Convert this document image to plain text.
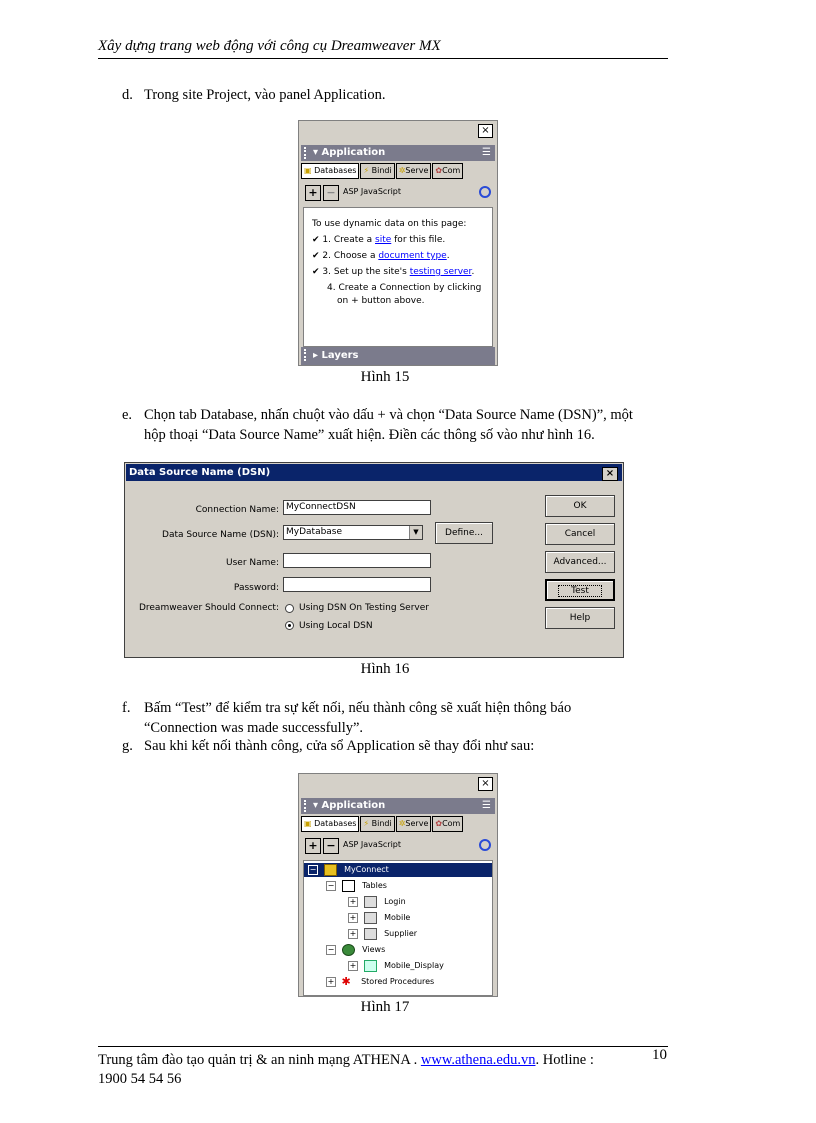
Xây dựng trang web động với công cụ Dreamweaver MX
d. Trong site Project, vào panel Application.
×
▾ Application	☰
▣ Databases ⚡ Bindi ✲Serve ✿Com
+ − ASP JavaScript
To use dynamic data on this page:
✔ 1. Create a site for this file.
✔ 2. Choose a document type.
✔ 3. Set up the site's testing server.
4. Create a Connection by clicking
on + button above.
▸ Layers
Hình 15
e. Chọn tab Database, nhấn chuột vào dấu + và chọn “Data Source Name (DSN)”, một
hộp thoại “Data Source Name” xuất hiện. Điền các thông số vào như hình 16.
Data Source Name (DSN)	×
Connection Name: MyConnectDSN
Data Source Name (DSN): MyDatabase	▼	Define...
User Name:
Password:
Dreamweaver Should Connect: Using DSN On Testing Server
Using Local DSN
OK
Cancel
Advanced...
Test
Help
Hình 16
f. Bấm “Test” để kiểm tra sự kết nối, nếu thành công sẽ xuất hiện thông báo
“Connection was made successfully”.
g. Sau khi kết nối thành công, cửa sổ Application sẽ thay đổi như sau:
×
▾ Application	☰
▣ Databases ⚡ Bindi ✲Serve ✿Com
+ − ASP JavaScript
−	MyConnect
−	Tables
+	Login
+	Mobile
+	Supplier
−	Views
+	Mobile_Display
+ ✱ Stored Procedures
Hình 17
Trung tâm đào tạo quản trị & an ninh mạng ATHENA . www.athena.edu.vn. Hotline :
1900 54 54 56
10
